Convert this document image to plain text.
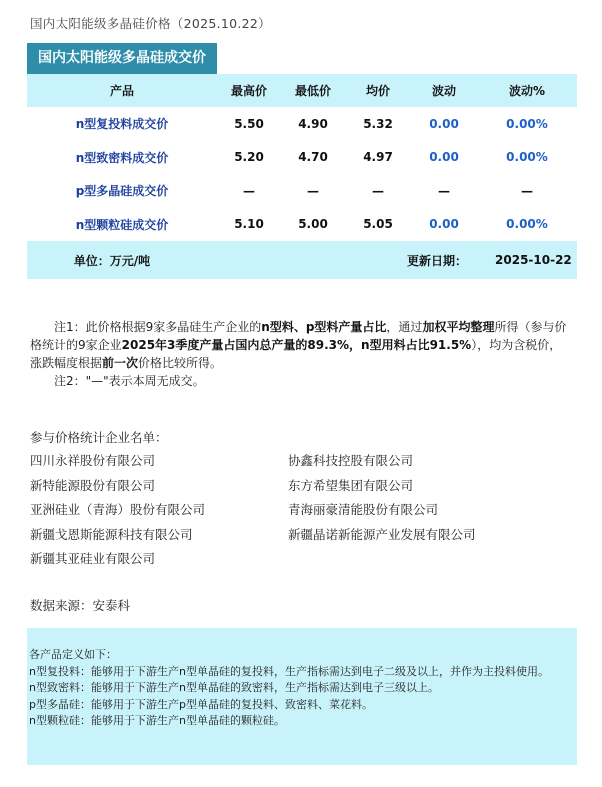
国内太阳能级多晶硅价格（2025.10.22）
国内太阳能级多晶硅成交价
产品	最高价	最低价	均价	波动	波动%
n型复投料成交价	5.50	4.90	5.32	0.00	0.00%
n型致密料成交价	5.20	4.70	4.97	0.00	0.00%
p型多晶硅成交价	—	—	—	—	—
n型颗粒硅成交价	5.10	5.00	5.05	0.00	0.00%
单位：万元/吨	更新日期： 2025-10-22
注1：此价格根据9家多晶硅生产企业的n型料、p型料产量占比，通过加权平均整理所得（参与价格统计的9家企业2025年3季度产量占国内总产量的89.3%，n型用料占比91.5%），均为含税价，涨跌幅度根据前一次价格比较所得。
注2："—"表示本周无成交。
参与价格统计企业名单：
四川永祥股份有限公司	协鑫科技控股有限公司
新特能源股份有限公司	东方希望集团有限公司
亚洲硅业（青海）股份有限公司	青海丽豪清能股份有限公司
新疆戈恩斯能源科技有限公司	新疆晶诺新能源产业发展有限公司
新疆其亚硅业有限公司
数据来源：安泰科
各产品定义如下：
n型复投料：能够用于下游生产n型单晶硅的复投料，生产指标需达到电子二级及以上，并作为主投料使用。
n型致密料：能够用于下游生产n型单晶硅的致密料，生产指标需达到电子三级以上。
p型多晶硅：能够用于下游生产p型单晶硅的复投料、致密料、菜花料。
n型颗粒硅：能够用于下游生产n型单晶硅的颗粒硅。
